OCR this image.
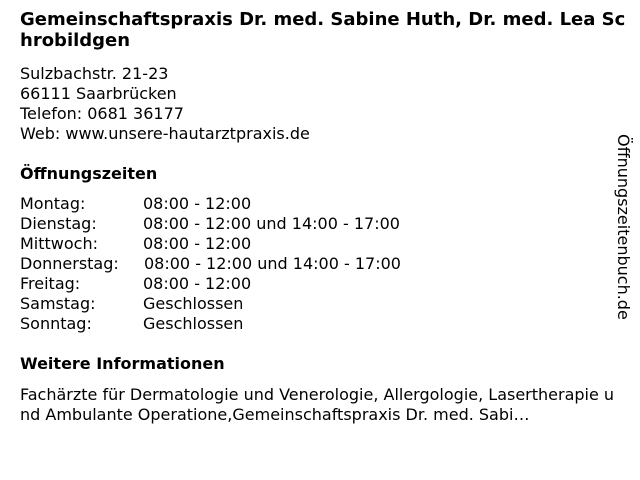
Gemeinschaftspraxis Dr. med. Sabine Huth, Dr. med. Lea Schrobildgen
Sulzbachstr. 21-23
66111 Saarbrücken
Telefon: 0681 36177
Web: www.unsere-hautarztpraxis.de
Öffnungszeiten
Montag:	08:00 - 12:00
Dienstag:	08:00 - 12:00 und 14:00 - 17:00
Mittwoch:	08:00 - 12:00
Donnerstag: 08:00 - 12:00 und 14:00 - 17:00
Freitag:	08:00 - 12:00
Samstag:	Geschlossen
Sonntag:	Geschlossen
Weitere Informationen
Fachärzte für Dermatologie und Venerologie, Allergologie, Lasertherapie und Ambulante Operatione,Gemeinschaftspraxis Dr. med. Sabi…
Öffnungszeitenbuch.de
